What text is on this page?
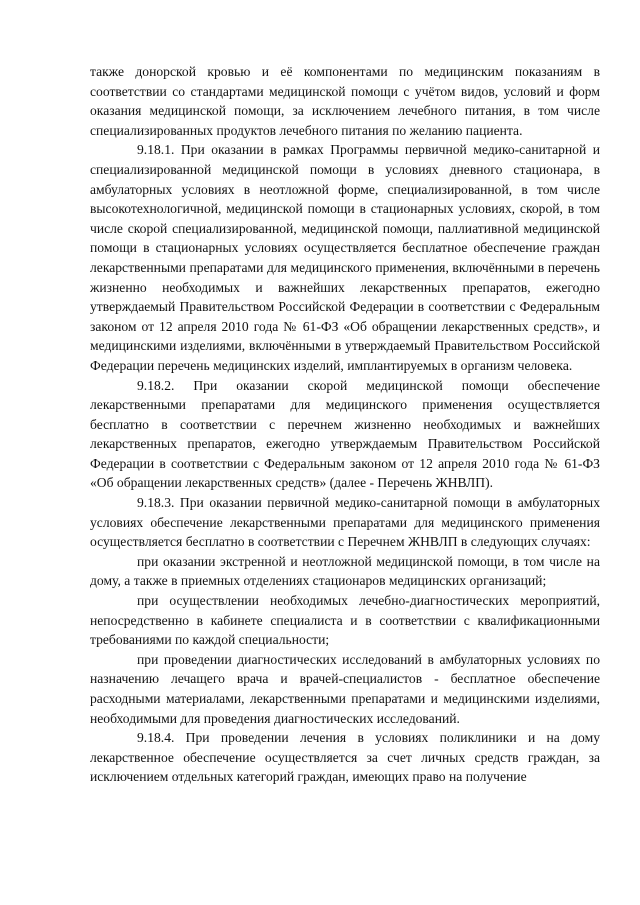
также донорской кровью и её компонентами по медицинским показаниям в соответствии со стандартами медицинской помощи с учётом видов, условий и форм оказания медицинской помощи, за исключением лечебного питания, в том числе специализированных продуктов лечебного питания по желанию пациента.

9.18.1. При оказании в рамках Программы первичной медико-санитарной и специализированной медицинской помощи в условиях дневного стационара, в амбулаторных условиях в неотложной форме, специализированной, в том числе высокотехнологичной, медицинской помощи в стационарных условиях, скорой, в том числе скорой специализированной, медицинской помощи, паллиативной медицинской помощи в стационарных условиях осуществляется бесплатное обеспечение граждан лекарственными препаратами для медицинского применения, включёнными в перечень жизненно необходимых и важнейших лекарственных препаратов, ежегодно утверждаемый Правительством Российской Федерации в соответствии с Федеральным законом от 12 апреля 2010 года № 61-ФЗ «Об обращении лекарственных средств», и медицинскими изделиями, включёнными в утверждаемый Правительством Российской Федерации перечень медицинских изделий, имплантируемых в организм человека.

9.18.2. При оказании скорой медицинской помощи обеспечение лекарственными препаратами для медицинского применения осуществляется бесплатно в соответствии с перечнем жизненно необходимых и важнейших лекарственных препаратов, ежегодно утверждаемым Правительством Российской Федерации в соответствии с Федеральным законом от 12 апреля 2010 года № 61-ФЗ «Об обращении лекарственных средств» (далее - Перечень ЖНВЛП).

9.18.3. При оказании первичной медико-санитарной помощи в амбулаторных условиях обеспечение лекарственными препаратами для медицинского применения осуществляется бесплатно в соответствии с Перечнем ЖНВЛП в следующих случаях:

при оказании экстренной и неотложной медицинской помощи, в том числе на дому, а также в приемных отделениях стационаров медицинских организаций;

при осуществлении необходимых лечебно-диагностических мероприятий, непосредственно в кабинете специалиста и в соответствии с квалификационными требованиями по каждой специальности;

при проведении диагностических исследований в амбулаторных условиях по назначению лечащего врача и врачей-специалистов - бесплатное обеспечение расходными материалами, лекарственными препаратами и медицинскими изделиями, необходимыми для проведения диагностических исследований.

9.18.4. При проведении лечения в условиях поликлиники и на дому лекарственное обеспечение осуществляется за счет личных средств граждан, за исключением отдельных категорий граждан, имеющих право на получение
